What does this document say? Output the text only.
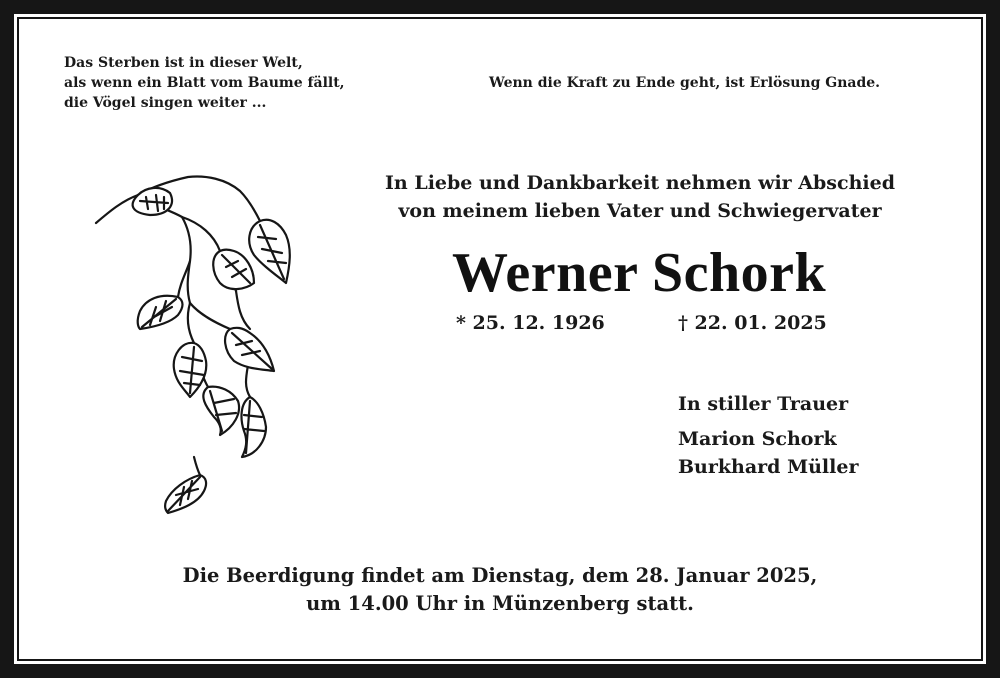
Das Sterben ist in dieser Welt,
als wenn ein Blatt vom Baume fällt,
die Vögel singen weiter ...
Wenn die Kraft zu Ende geht, ist Erlösung Gnade.
In Liebe und Dankbarkeit nehmen wir Abschied
von meinem lieben Vater und Schwiegervater
Werner Schork
* 25. 12. 1926	† 22. 01. 2025
In stiller Trauer
Marion Schork
Burkhard Müller
Die Beerdigung findet am Dienstag, dem 28. Januar 2025,
um 14.00 Uhr in Münzenberg statt.
